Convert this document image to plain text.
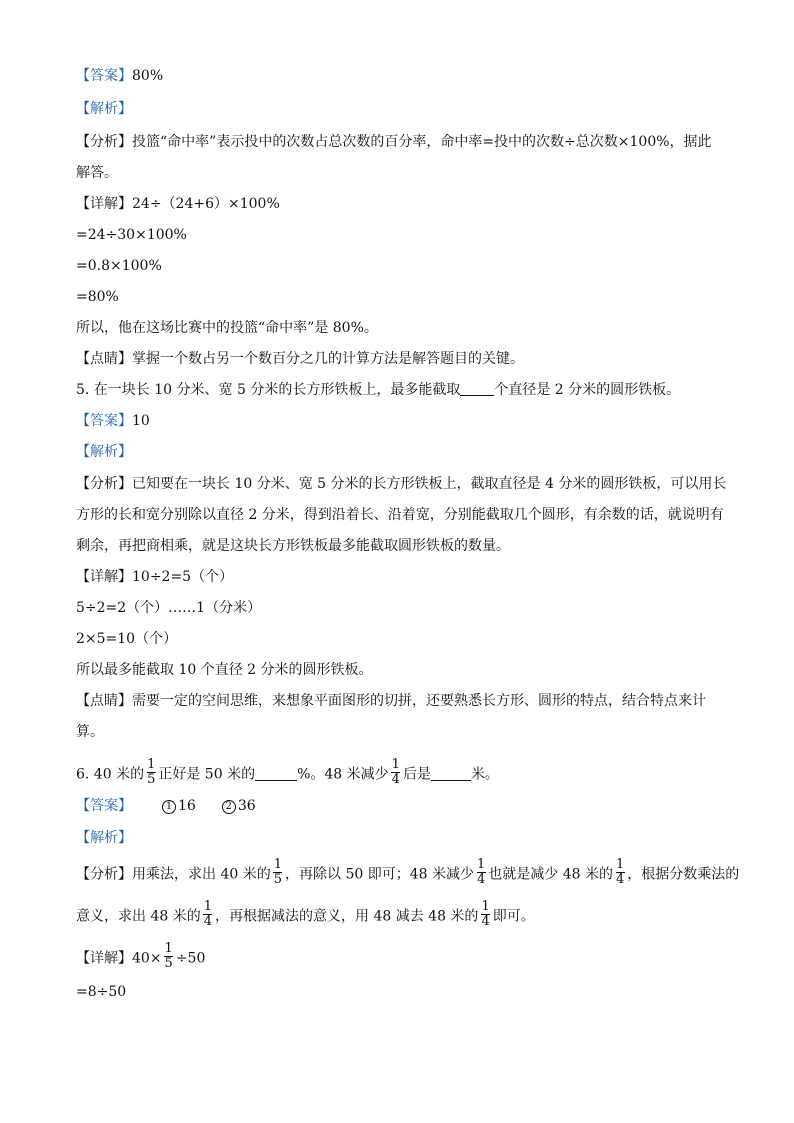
【答案】80%
【解析】
【分析】投篮“命中率”表示投中的次数占总次数的百分率，命中率=投中的次数÷总次数×100%，据此
解答。
【详解】24÷（24+6）×100%
=24÷30×100%
=0.8×100%
=80%
所以，他在这场比赛中的投篮“命中率”是 80%。
【点睛】掌握一个数占另一个数百分之几的计算方法是解答题目的关键。
5. 在一块长 10 分米、宽 5 分米的长方形铁板上，最多能截取 个直径是 2 分米的圆形铁板。
【答案】10
【解析】
【分析】已知要在一块长 10 分米、宽 5 分米的长方形铁板上，截取直径是 4 分米的圆形铁板，可以用长
方形的长和宽分别除以直径 2 分米，得到沿着长、沿着宽，分别能截取几个圆形，有余数的话，就说明有
剩余，再把商相乘，就是这块长方形铁板最多能截取圆形铁板的数量。
【详解】10÷2=5（个）
5÷2=2（个）……1（分米）
2×5=10（个）
所以最多能截取 10 个直径 2 分米的圆形铁板。
【点睛】需要一定的空间思维，来想象平面图形的切拼，还要熟悉长方形、圆形的特点，结合特点来计
算。
6. 40 米的 $\frac{1}{5}$ 正好是 50 米的	%。48 米减少 $\frac{1}{4}$ 后是	米。
【答案】	1 16	2 36
【解析】
【分析】用乘法，求出 40 米的 $\frac{1}{5}$ ，再除以 50 即可；48 米减少 $\frac{1}{4}$ 也就是减少 48 米的 $\frac{1}{4}$ ，根据分数乘法的
意义，求出 48 米的 $\frac{1}{4}$ ，再根据减法的意义，用 48 减去 48 米的 $\frac{1}{4}$ 即可。
【详解】$40\times \frac{1}{5} \div 50$
=8÷50
